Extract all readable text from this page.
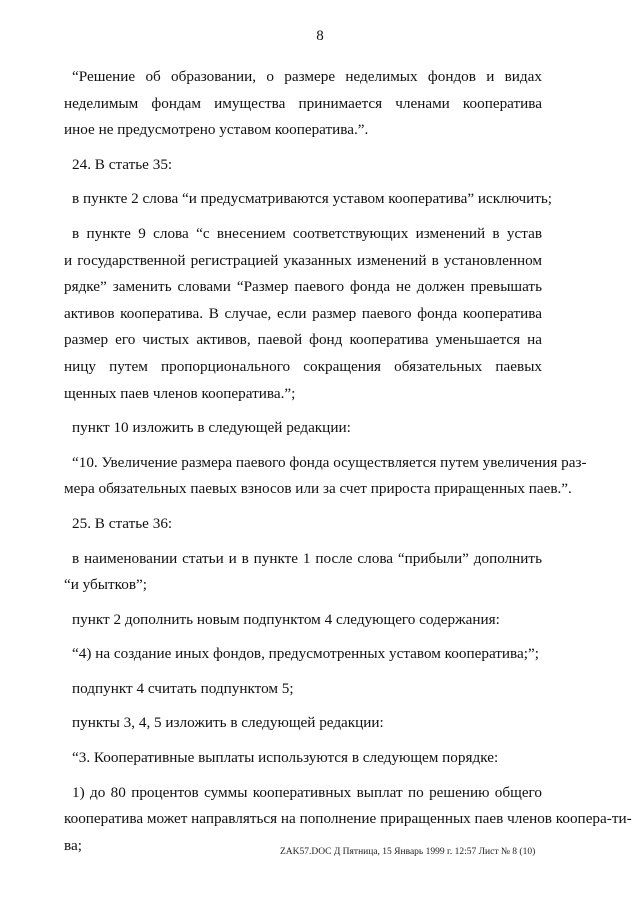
8
“Решение об образовании, о размере неделимых фондов и видах
неделимым фондам имущества принимается членами кооператива
иное не предусмотрено уставом кооператива.”.
24. В статье 35:
в пункте 2 слова “и предусматриваются уставом кооператива” исключить;
в пункте 9 слова “с внесением соответствующих изменений в устав
и государственной регистрацией указанных изменений в установленном
рядке” заменить словами “Размер паевого фонда не должен превышать
активов кооператива. В случае, если размер паевого фонда кооператива
размер его чистых активов, паевой фонд кооператива уменьшается на
ницу путем пропорционального сокращения обязательных паевых
щенных паев членов кооператива.”;
пункт 10 изложить в следующей редакции:
“10. Увеличение размера паевого фонда осуществляется путем увеличения раз-
мера обязательных паевых взносов или за счет прироста приращенных паев.”.
25. В статье 36:
в наименовании статьи и в пункте 1 после слова “прибыли” дополнить
“и убытков”;
пункт 2 дополнить новым подпунктом 4 следующего содержания:
“4) на создание иных фондов, предусмотренных уставом кооператива;”;
подпункт 4 считать подпунктом 5;
пункты 3, 4, 5 изложить в следующей редакции:
“3. Кооперативные выплаты используются в следующем порядке:
1) до 80 процентов суммы кооперативных выплат по решению общего
кооператива может направляться на пополнение приращенных паев членов коопера-ти-
ва;	ZAK57.DOC Д Пятница, 15 Январь 1999 г. 12:57 Лист № 8 (10)
